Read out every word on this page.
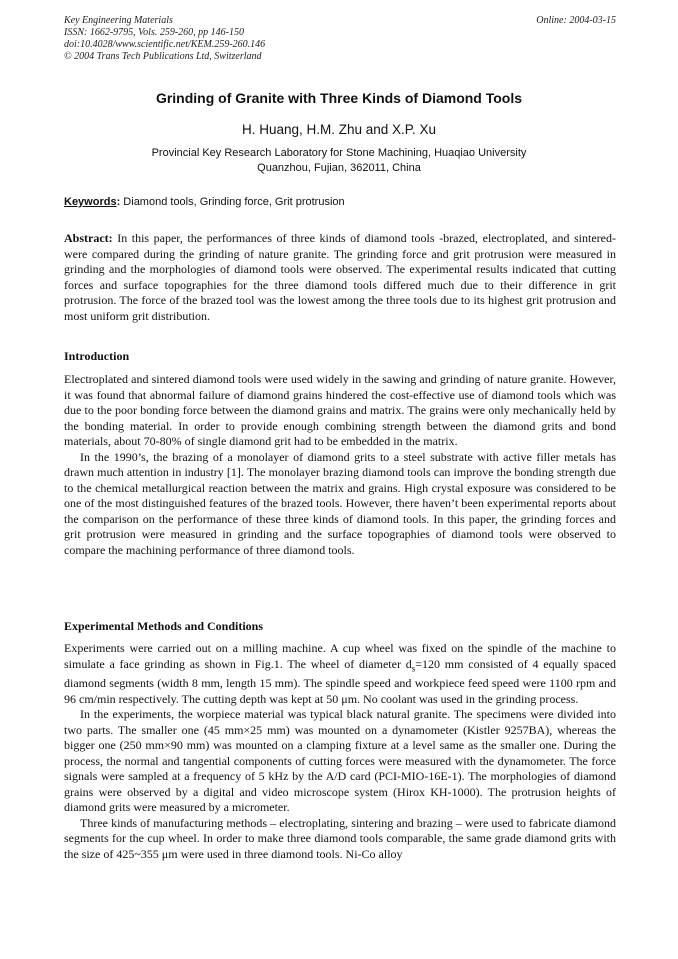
Key Engineering Materials
ISSN: 1662-9795, Vols. 259-260, pp 146-150
doi:10.4028/www.scientific.net/KEM.259-260.146
© 2004 Trans Tech Publications Ltd, Switzerland
Online: 2004-03-15
Grinding of Granite with Three Kinds of Diamond Tools
H. Huang, H.M. Zhu and X.P. Xu
Provincial Key Research Laboratory for Stone Machining, Huaqiao University
Quanzhou, Fujian, 362011, China
Keywords: Diamond tools, Grinding force, Grit protrusion
Abstract: In this paper, the performances of three kinds of diamond tools -brazed, electroplated, and sintered- were compared during the grinding of nature granite. The grinding force and grit protrusion were measured in grinding and the morphologies of diamond tools were observed. The experimental results indicated that cutting forces and surface topographies for the three diamond tools differed much due to their difference in grit protrusion. The force of the brazed tool was the lowest among the three tools due to its highest grit protrusion and most uniform grit distribution.
Introduction

Electroplated and sintered diamond tools were used widely in the sawing and grinding of nature granite. However, it was found that abnormal failure of diamond grains hindered the cost-effective use of diamond tools which was due to the poor bonding force between the diamond grains and matrix. The grains were only mechanically held by the bonding material. In order to provide enough combining strength between the diamond grits and bond materials, about 70-80% of single diamond grit had to be embedded in the matrix.

In the 1990’s, the brazing of a monolayer of diamond grits to a steel substrate with active filler metals has drawn much attention in industry [1]. The monolayer brazing diamond tools can improve the bonding strength due to the chemical metallurgical reaction between the matrix and grains. High crystal exposure was considered to be one of the most distinguished features of the brazed tools. However, there haven’t been experimental reports about the comparison on the performance of these three kinds of diamond tools. In this paper, the grinding forces and grit protrusion were measured in grinding and the surface topographies of diamond tools were observed to compare the machining performance of three diamond tools.

Experimental Methods and Conditions

Experiments were carried out on a milling machine. A cup wheel was fixed on the spindle of the machine to simulate a face grinding as shown in Fig.1. The wheel of diameter $d_s=120$ mm consisted of 4 equally spaced diamond segments (width 8 mm, length 15 mm). The spindle speed and workpiece feed speed were 1100 rpm and 96 cm/min respectively. The cutting depth was kept at 50 μm. No coolant was used in the grinding process.

In the experiments, the worpiece material was typical black natural granite. The specimens were divided into two parts. The smaller one (45 mm×25 mm) was mounted on a dynamometer (Kistler 9257BA), whereas the bigger one (250 mm×90 mm) was mounted on a clamping fixture at a level same as the smaller one. During the process, the normal and tangential components of cutting forces were measured with the dynamometer. The force signals were sampled at a frequency of 5 kHz by the A/D card (PCI-MIO-16E-1). The morphologies of diamond grains were observed by a digital and video microscope system (Hirox KH-1000). The protrusion heights of diamond grits were measured by a micrometer.

Three kinds of manufacturing methods – electroplating, sintering and brazing – were used to fabricate diamond segments for the cup wheel. In order to make three diamond tools comparable, the same grade diamond grits with the size of 425~355 μm were used in three diamond tools. Ni-Co alloy
